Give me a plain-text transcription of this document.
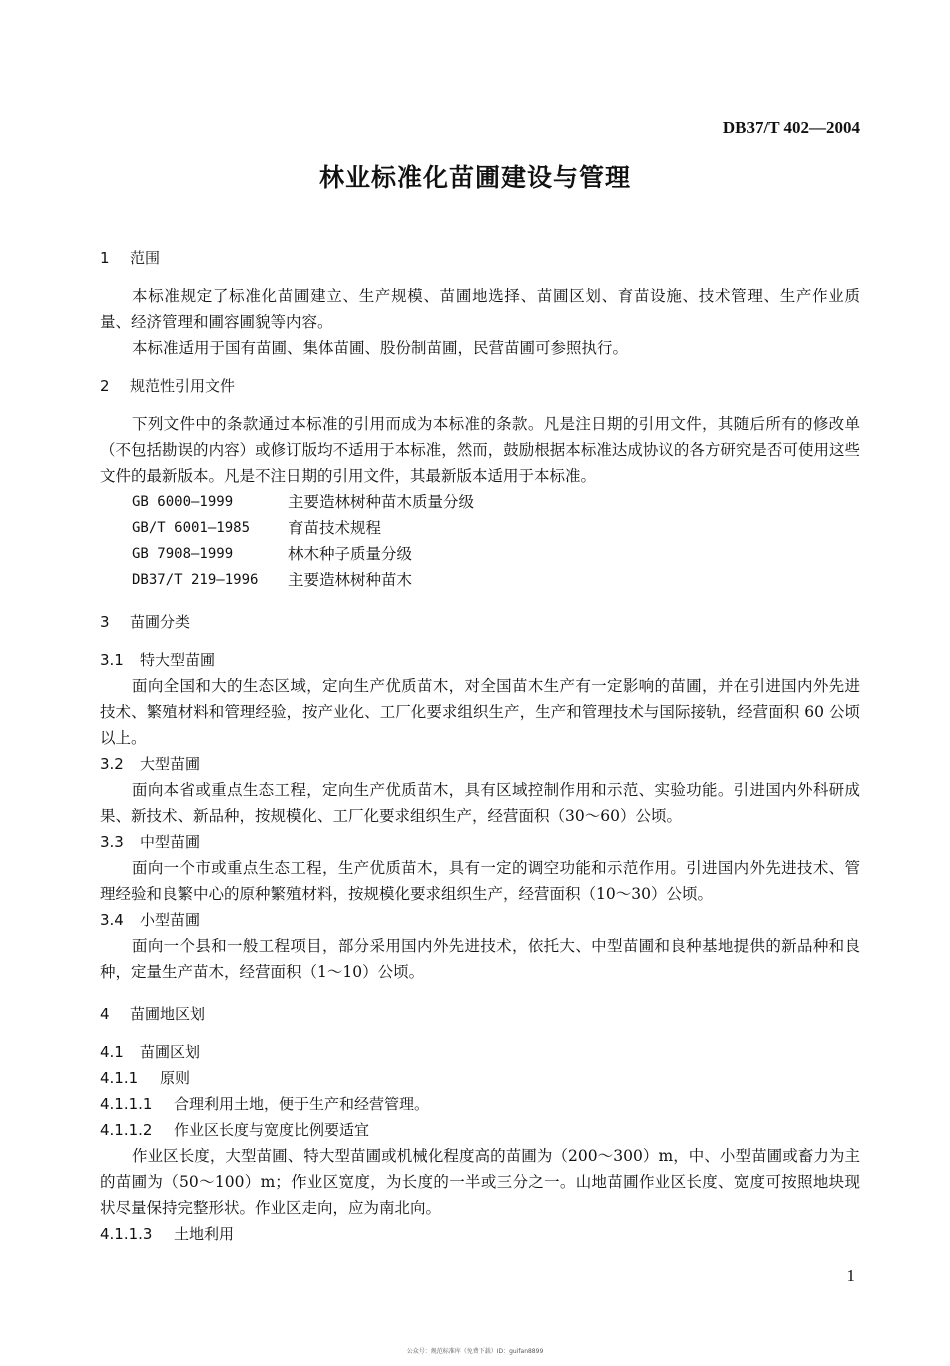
DB37/T 402—2004
林业标准化苗圃建设与管理
1 范围

本标准规定了标准化苗圃建立、生产规模、苗圃地选择、苗圃区划、育苗设施、技术管理、生产作业质量、经济管理和圃容圃貌等内容。

本标准适用于国有苗圃、集体苗圃、股份制苗圃，民营苗圃可参照执行。

2 规范性引用文件

下列文件中的条款通过本标准的引用而成为本标准的条款。凡是注日期的引用文件，其随后所有的修改单（不包括勘误的内容）或修订版均不适用于本标准，然而，鼓励根据本标准达成协议的各方研究是否可使用这些文件的最新版本。凡是不注日期的引用文件，其最新版本适用于本标准。

GB 6000—1999	主要造林树种苗木质量分级
GB/T 6001—1985	育苗技术规程
GB 7908—1999	林木种子质量分级
DB37/T 219—1996	主要造林树种苗木
3 苗圃分类
3.1 特大型苗圃

面向全国和大的生态区域，定向生产优质苗木，对全国苗木生产有一定影响的苗圃，并在引进国内外先进技术、繁殖材料和管理经验，按产业化、工厂化要求组织生产，生产和管理技术与国际接轨，经营面积 60 公顷以上。

3.2 大型苗圃

面向本省或重点生态工程，定向生产优质苗木，具有区域控制作用和示范、实验功能。引进国内外科研成果、新技术、新品种，按规模化、工厂化要求组织生产，经营面积（30～60）公顷。

3.3 中型苗圃

面向一个市或重点生态工程，生产优质苗木，具有一定的调空功能和示范作用。引进国内外先进技术、管理经验和良繁中心的原种繁殖材料，按规模化要求组织生产，经营面积（10～30）公顷。

3.4 小型苗圃

面向一个县和一般工程项目，部分采用国内外先进技术，依托大、中型苗圃和良种基地提供的新品种和良种，定量生产苗木，经营面积（1～10）公顷。

4 苗圃地区划
4.1 苗圃区划
4.1.1 原则
4.1.1.1 合理利用土地，便于生产和经营管理。
4.1.1.2 作业区长度与宽度比例要适宜

作业区长度，大型苗圃、特大型苗圃或机械化程度高的苗圃为（200～300）m，中、小型苗圃或畜力为主的苗圃为（50～100）m；作业区宽度，为长度的一半或三分之一。山地苗圃作业区长度、宽度可按照地块现状尽量保持完整形状。作业区走向，应为南北向。

4.1.1.3 土地利用
1
公众号：规范标准库（免费下载）ID：guifan8899
